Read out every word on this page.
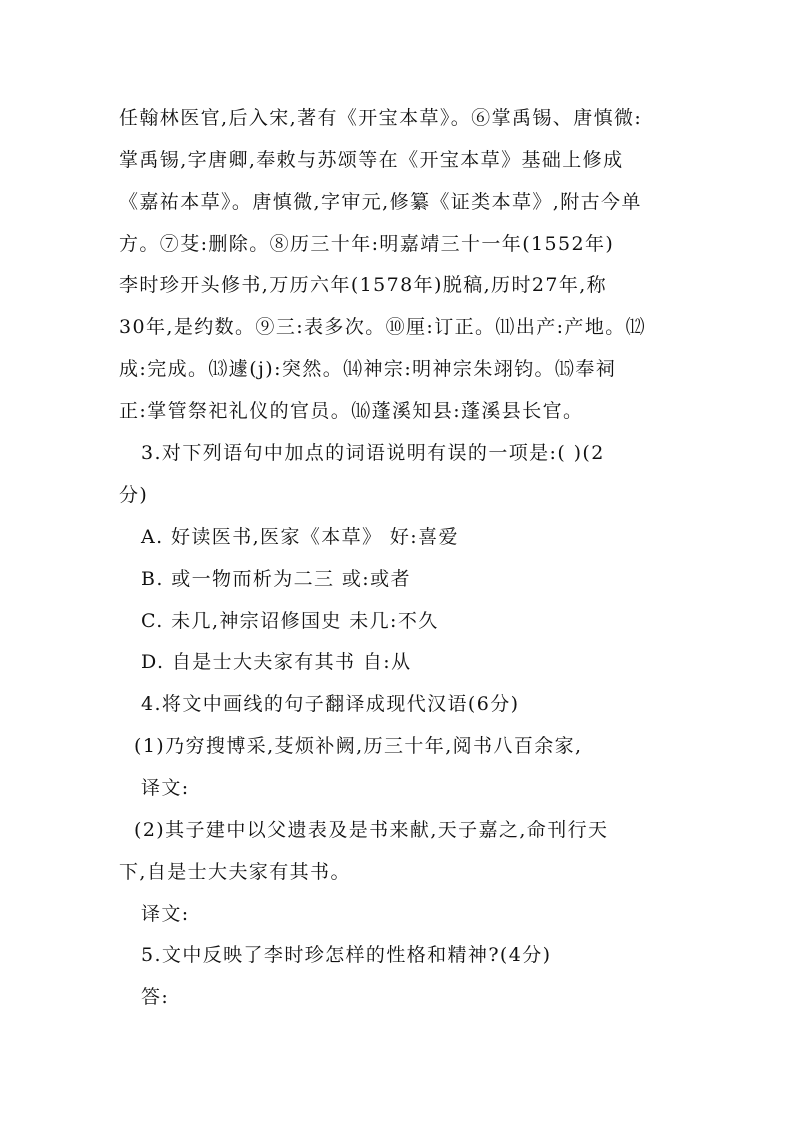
任翰林医官,后入宋,著有《开宝本草》。⑥掌禹锡、唐慎微:
掌禹锡,字唐卿,奉敕与苏颂等在《开宝本草》基础上修成
《嘉祐本草》。唐慎微,字审元,修纂《证类本草》,附古今单
方。⑦芟:删除。⑧历三十年:明嘉靖三十一年(1552年)
李时珍开头修书,万历六年(1578年)脱稿,历时27年,称
30年,是约数。⑨三:表多次。⑩厘:订正。⑾出产:产地。⑿
成:完成。⒀遽(j):突然。⒁神宗:明神宗朱翊钧。⒂奉祠
正:掌管祭祀礼仪的官员。⒃蓬溪知县:蓬溪县长官。
3.对下列语句中加点的词语说明有误的一项是:( )(2
分)
A. 好读医书,医家《本草》 好:喜爱
B. 或一物而析为二三 或:或者
C. 未几,神宗诏修国史 未几:不久
D. 自是士大夫家有其书 自:从
4.将文中画线的句子翻译成现代汉语(6分)
(1)乃穷搜博采,芟烦补阙,历三十年,阅书八百余家,
译文:
(2)其子建中以父遗表及是书来献,天子嘉之,命刊行天
下,自是士大夫家有其书。
译文:
5.文中反映了李时珍怎样的性格和精神?(4分)
答:
